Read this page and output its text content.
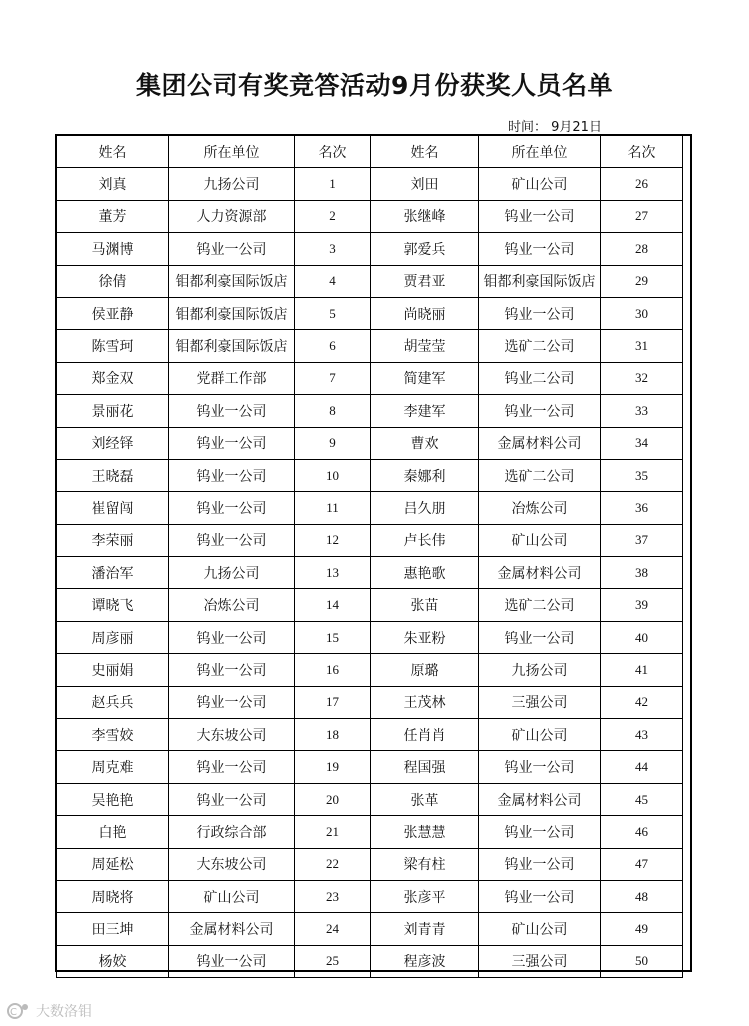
集团公司有奖竞答活动9月份获奖人员名单
时间： 9月21日
姓名	所在单位	名次	姓名	所在单位	名次
刘真	九扬公司	1	刘田	矿山公司	26
董芳	人力资源部	2	张继峰	钨业一公司	27
马渊博	钨业一公司	3	郭爱兵	钨业一公司	28
徐倩	钼都利豪国际饭店	4	贾君亚	钼都利豪国际饭店	29
侯亚静	钼都利豪国际饭店	5	尚晓丽	钨业一公司	30
陈雪珂	钼都利豪国际饭店	6	胡莹莹	选矿二公司	31
郑金双	党群工作部	7	简建军	钨业二公司	32
景丽花	钨业一公司	8	李建军	钨业一公司	33
刘经铎	钨业一公司	9	曹欢	金属材料公司	34
王晓磊	钨业一公司	10	秦娜利	选矿二公司	35
崔留闯	钨业一公司	11	吕久朋	冶炼公司	36
李荣丽	钨业一公司	12	卢长伟	矿山公司	37
潘治军	九扬公司	13	惠艳歌	金属材料公司	38
谭晓飞	冶炼公司	14	张苗	选矿二公司	39
周彦丽	钨业一公司	15	朱亚粉	钨业一公司	40
史丽娟	钨业一公司	16	原璐	九扬公司	41
赵兵兵	钨业一公司	17	王茂林	三强公司	42
李雪姣	大东坡公司	18	任肖肖	矿山公司	43
周克难	钨业一公司	19	程国强	钨业一公司	44
吴艳艳	钨业一公司	20	张革	金属材料公司	45
白艳	行政综合部	21	张慧慧	钨业一公司	46
周延松	大东坡公司	22	梁有柱	钨业一公司	47
周晓将	矿山公司	23	张彦平	钨业一公司	48
田三坤	金属材料公司	24	刘青青	矿山公司	49
杨姣	钨业一公司	25	程彦波	三强公司	50
C 大数洛钼
